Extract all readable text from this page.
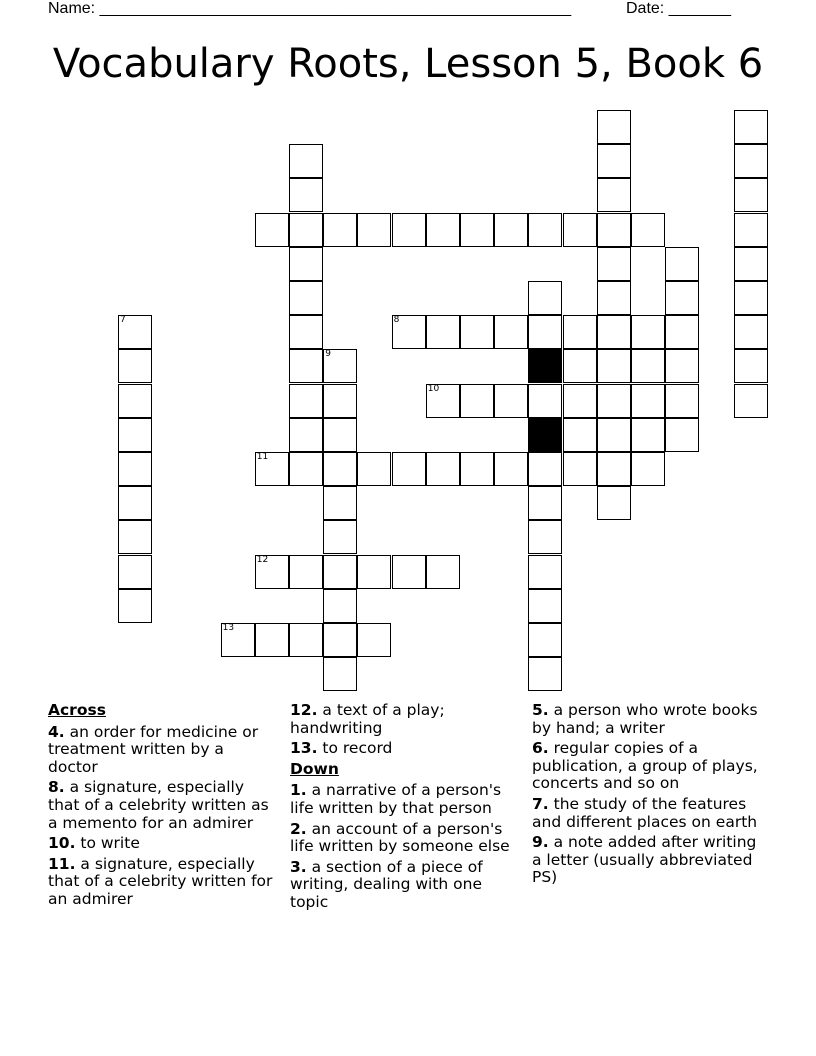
Name: _____________________________________________________	Date: _______
Vocabulary Roots, Lesson 5, Book 6
7	8
9
10
11
12
13
Across
4. an order for medicine or treatment written by a doctor
8. a signature, especially that of a celebrity written as a memento for an admirer
10. to write
11. a signature, especially that of a celebrity written for an admirer
12. a text of a play; handwriting
13. to record
Down
1. a narrative of a person's life written by that person
2. an account of a person's life written by someone else
3. a section of a piece of writing, dealing with one topic
5. a person who wrote books by hand; a writer
6. regular copies of a publication, a group of plays, concerts and so on
7. the study of the features and different places on earth
9. a note added after writing a letter (usually abbreviated PS)
